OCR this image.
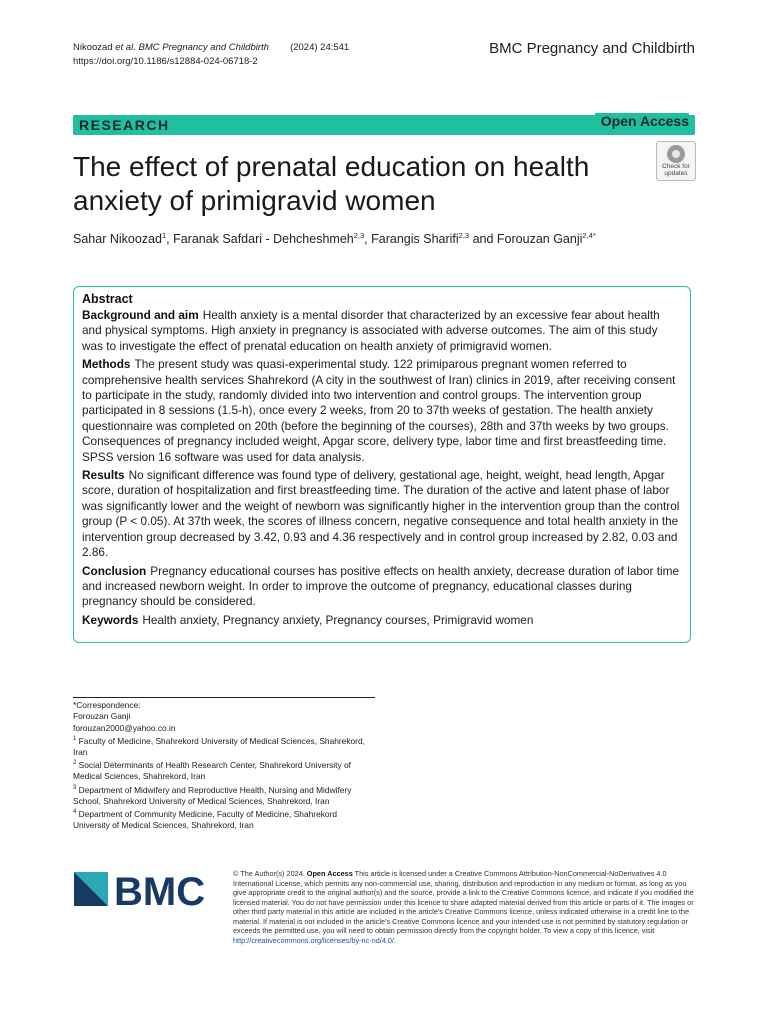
Nikoozad et al. BMC Pregnancy and Childbirth (2024) 24:541
https://doi.org/10.1186/s12884-024-06718-2
BMC Pregnancy and Childbirth
RESEARCH	Open Access
The effect of prenatal education on health anxiety of primigravid women
Check for updates
Sahar Nikoozad$^1$, Faranak Safdari - Dehcheshmeh$^{2,3}$, Farangis Sharifi$^{2,3}$ and Forouzan Ganji$^{2,4*}$
Abstract

Background and aim Health anxiety is a mental disorder that characterized by an excessive fear about health and physical symptoms. High anxiety in pregnancy is associated with adverse outcomes. The aim of this study was to investigate the effect of prenatal education on health anxiety of primigravid women.

Methods The present study was quasi-experimental study. 122 primiparous pregnant women referred to comprehensive health services Shahrekord (A city in the southwest of Iran) clinics in 2019, after receiving consent to participate in the study, randomly divided into two intervention and control groups. The intervention group participated in 8 sessions (1.5-h), once every 2 weeks, from 20 to 37th weeks of gestation. The health anxiety questionnaire was completed on 20th (before the beginning of the courses), 28th and 37th weeks by two groups. Consequences of pregnancy included weight, Apgar score, delivery type, labor time and first breastfeeding time. SPSS version 16 software was used for data analysis.

Results No significant difference was found type of delivery, gestational age, height, weight, head length, Apgar score, duration of hospitalization and first breastfeeding time. The duration of the active and latent phase of labor was significantly lower and the weight of newborn was significantly higher in the intervention group than the control group (P < 0.05). At 37th week, the scores of illness concern, negative consequence and total health anxiety in the intervention group decreased by 3.42, 0.93 and 4.36 respectively and in control group increased by 2.82, 0.03 and 2.86.

Conclusion Pregnancy educational courses has positive effects on health anxiety, decrease duration of labor time and increased newborn weight. In order to improve the outcome of pregnancy, educational classes during pregnancy should be considered.

Keywords Health anxiety, Pregnancy anxiety, Pregnancy courses, Primigravid women

*Correspondence:

Forouzan Ganji

forouzan2000@yahoo.co.in

$^1$ Faculty of Medicine, Shahrekord University of Medical Sciences, Shahrekord, Iran

$^2$ Social Determinants of Health Research Center, Shahrekord University of Medical Sciences, Shahrekord, Iran

$^3$ Department of Midwifery and Reproductive Health, Nursing and Midwifery School, Shahrekord University of Medical Sciences, Shahrekord, Iran

$^4$ Department of Community Medicine, Faculty of Medicine, Shahrekord University of Medical Sciences, Shahrekord, Iran

BMC	© The Author(s) 2024. Open Access This article is licensed under a Creative Commons Attribution-NonCommercial-NoDerivatives 4.0 International License, which permits any non-commercial use, sharing, distribution and reproduction in any medium or format, as long as you give appropriate credit to the original author(s) and the source, provide a link to the Creative Commons licence, and indicate if you modified the licensed material. You do not have permission under this licence to share adapted material derived from this article or parts of it. The images or other third party material in this article are included in the article's Creative Commons licence, unless indicated otherwise in a credit line to the material. If material is not included in the article's Creative Commons licence and your intended use is not permitted by statutory regulation or exceeds the permitted use, you will need to obtain permission directly from the copyright holder. To view a copy of this licence, visit http://creativecommons.org/licenses/by-nc-nd/4.0/.
